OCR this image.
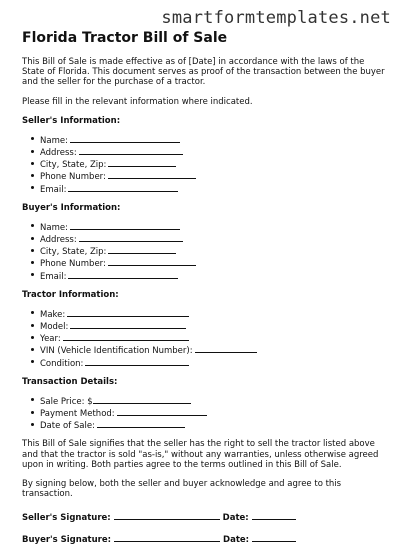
smartformtemplates.net
Florida Tractor Bill of Sale

This Bill of Sale is made effective as of [Date] in accordance with the laws of the State of Florida. This document serves as proof of the transaction between the buyer and the seller for the purchase of a tractor.

Please fill in the relevant information where indicated.

Seller's Information:
Name:
Address:
City, State, Zip:
Phone Number:
Email:
Buyer's Information:
Name:
Address:
City, State, Zip:
Phone Number:
Email:
Tractor Information:
Make:
Model:
Year:
VIN (Vehicle Identification Number):
Condition:
Transaction Details:
Sale Price: $
Payment Method:
Date of Sale:

This Bill of Sale signifies that the seller has the right to sell the tractor listed above and that the tractor is sold "as-is," without any warranties, unless otherwise agreed upon in writing. Both parties agree to the terms outlined in this Bill of Sale.

By signing below, both the seller and buyer acknowledge and agree to this transaction.

Seller's Signature:	Date:
Buyer's Signature:	Date:
